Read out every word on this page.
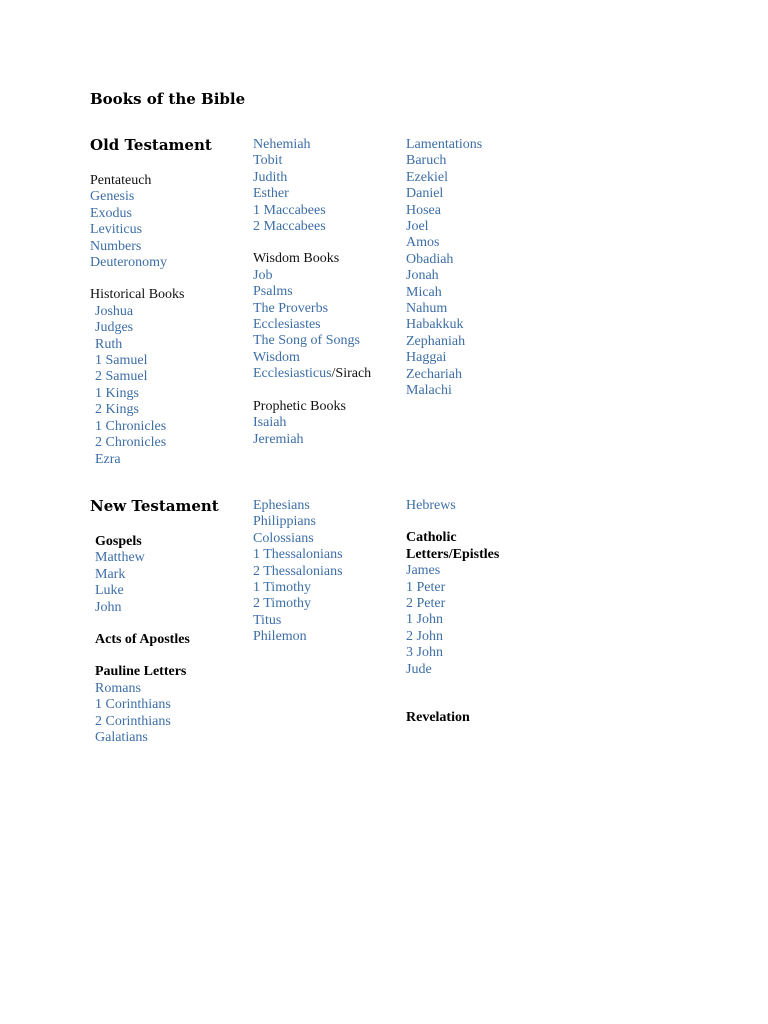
Books of the Bible
Old Testament
Pentateuch
Genesis
Exodus
Leviticus
Numbers
Deuteronomy
Historical Books
Joshua
Judges
Ruth
1 Samuel
2 Samuel
1 Kings
2 Kings
1 Chronicles
2 Chronicles
Ezra
Nehemiah
Tobit
Judith
Esther
1 Maccabees
2 Maccabees
Wisdom Books
Job
Psalms
The Proverbs
Ecclesiastes
The Song of Songs
Wisdom
Ecclesiasticus/Sirach
Prophetic Books
Isaiah
Jeremiah
Lamentations
Baruch
Ezekiel
Daniel
Hosea
Joel
Amos
Obadiah
Jonah
Micah
Nahum
Habakkuk
Zephaniah
Haggai
Zechariah
Malachi
New Testament
Gospels
Matthew
Mark
Luke
John
Acts of Apostles
Pauline Letters
Romans
1 Corinthians
2 Corinthians
Galatians
Ephesians
Philippians
Colossians
1 Thessalonians
2 Thessalonians
1 Timothy
2 Timothy
Titus
Philemon
Hebrews
Catholic
Letters/Epistles
James
1 Peter
2 Peter
1 John
2 John
3 John
Jude
Revelation
